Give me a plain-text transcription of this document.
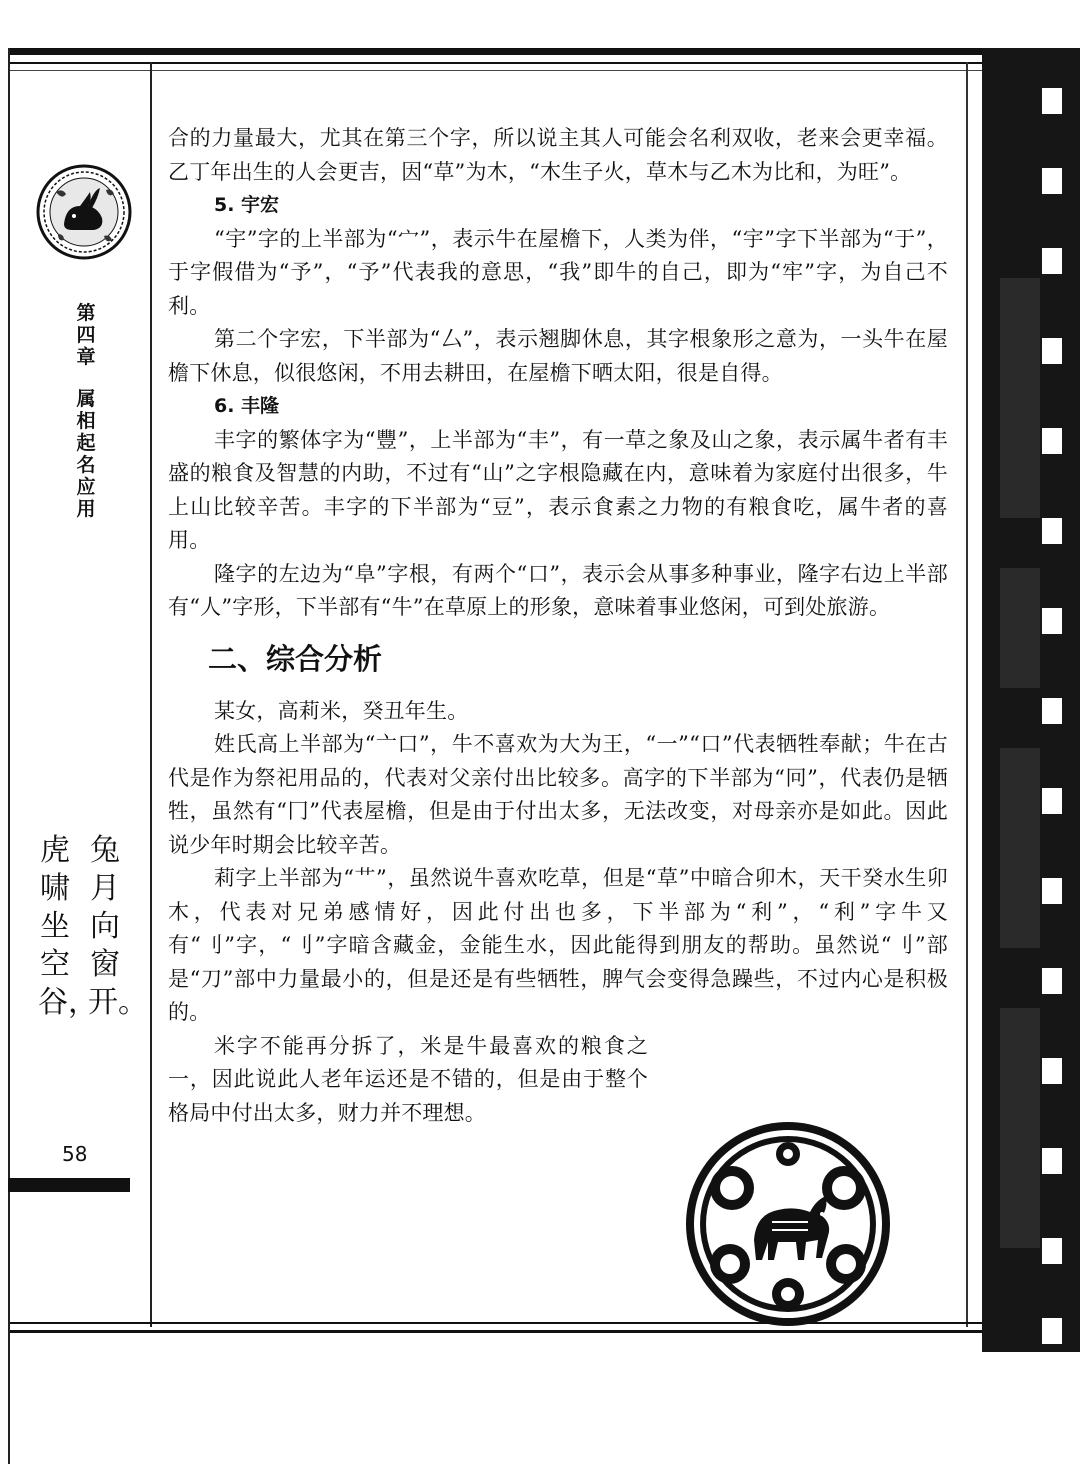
第四章
属相起名应用
兔月向窗开。
虎啸坐空谷，
58

合的力量最大，尤其在第三个字，所以说主其人可能会名利双收，老来会更幸福。乙丁年出生的人会更吉，因“草”为木，“木生子火，草木与乙木为比和，为旺”。

5. 宇宏

“宇”字的上半部为“宀”，表示牛在屋檐下，人类为伴，“宇”字下半部为“于”，于字假借为“予”，“予”代表我的意思，“我”即牛的自己，即为“牢”字，为自己不利。

第二个字宏，下半部为“厶”，表示翘脚休息，其字根象形之意为，一头牛在屋檐下休息，似很悠闲，不用去耕田，在屋檐下晒太阳，很是自得。

6. 丰隆

丰字的繁体字为“豐”，上半部为“丰”，有一草之象及山之象，表示属牛者有丰盛的粮食及智慧的内助，不过有“山”之字根隐藏在内，意味着为家庭付出很多，牛上山比较辛苦。丰字的下半部为“豆”，表示食素之力物的有粮食吃，属牛者的喜用。

隆字的左边为“阜”字根，有两个“口”，表示会从事多种事业，隆字右边上半部有“人”字形，下半部有“牛”在草原上的形象，意味着事业悠闲，可到处旅游。

二、综合分析

某女，高莉米，癸丑年生。

姓氏高上半部为“亠口”，牛不喜欢为大为王，“一”“口”代表牺牲奉献；牛在古代是作为祭祀用品的，代表对父亲付出比较多。高字的下半部为“冋”，代表仍是牺牲，虽然有“冂”代表屋檐，但是由于付出太多，无法改变，对母亲亦是如此。因此说少年时期会比较辛苦。

莉字上半部为“艹”，虽然说牛喜欢吃草，但是“草”中暗合卯木，天干癸水生卯木，代表对兄弟感情好，因此付出也多，下半部为“利”，“利”字牛又有“刂”字，“刂”字暗含藏金，金能生水，因此能得到朋友的帮助。虽然说“刂”部是“刀”部中力量最小的，但是还是有些牺牲，脾气会变得急躁些，不过内心是积极的。

米字不能再分拆了，米是牛最喜欢的粮食之一，因此说此人老年运还是不错的，但是由于整个格局中付出太多，财力并不理想。
